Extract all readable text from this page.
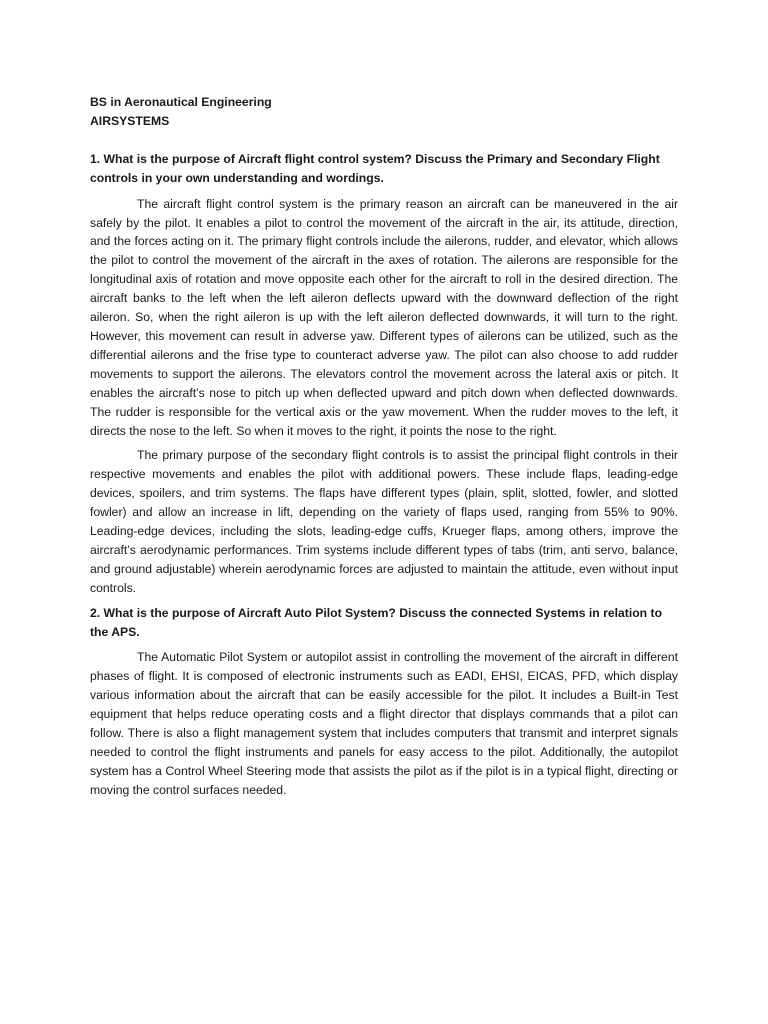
BS in Aeronautical Engineering

AIRSYSTEMS

1. What is the purpose of Aircraft flight control system? Discuss the Primary and Secondary Flight controls in your own understanding and wordings.

The aircraft flight control system is the primary reason an aircraft can be maneuvered in the air safely by the pilot. It enables a pilot to control the movement of the aircraft in the air, its attitude, direction, and the forces acting on it. The primary flight controls include the ailerons, rudder, and elevator, which allows the pilot to control the movement of the aircraft in the axes of rotation. The ailerons are responsible for the longitudinal axis of rotation and move opposite each other for the aircraft to roll in the desired direction. The aircraft banks to the left when the left aileron deflects upward with the downward deflection of the right aileron. So, when the right aileron is up with the left aileron deflected downwards, it will turn to the right. However, this movement can result in adverse yaw. Different types of ailerons can be utilized, such as the differential ailerons and the frise type to counteract adverse yaw. The pilot can also choose to add rudder movements to support the ailerons. The elevators control the movement across the lateral axis or pitch. It enables the aircraft’s nose to pitch up when deflected upward and pitch down when deflected downwards. The rudder is responsible for the vertical axis or the yaw movement. When the rudder moves to the left, it directs the nose to the left. So when it moves to the right, it points the nose to the right.

The primary purpose of the secondary flight controls is to assist the principal flight controls in their respective movements and enables the pilot with additional powers. These include flaps, leading-edge devices, spoilers, and trim systems. The flaps have different types (plain, split, slotted, fowler, and slotted fowler) and allow an increase in lift, depending on the variety of flaps used, ranging from 55% to 90%. Leading-edge devices, including the slots, leading-edge cuffs, Krueger flaps, among others, improve the aircraft’s aerodynamic performances. Trim systems include different types of tabs (trim, anti servo, balance, and ground adjustable) wherein aerodynamic forces are adjusted to maintain the attitude, even without input controls.

2. What is the purpose of Aircraft Auto Pilot System? Discuss the connected Systems in relation to the APS.

The Automatic Pilot System or autopilot assist in controlling the movement of the aircraft in different phases of flight. It is composed of electronic instruments such as EADI, EHSI, EICAS, PFD, which display various information about the aircraft that can be easily accessible for the pilot. It includes a Built-in Test equipment that helps reduce operating costs and a flight director that displays commands that a pilot can follow. There is also a flight management system that includes computers that transmit and interpret signals needed to control the flight instruments and panels for easy access to the pilot. Additionally, the autopilot system has a Control Wheel Steering mode that assists the pilot as if the pilot is in a typical flight, directing or moving the control surfaces needed.
